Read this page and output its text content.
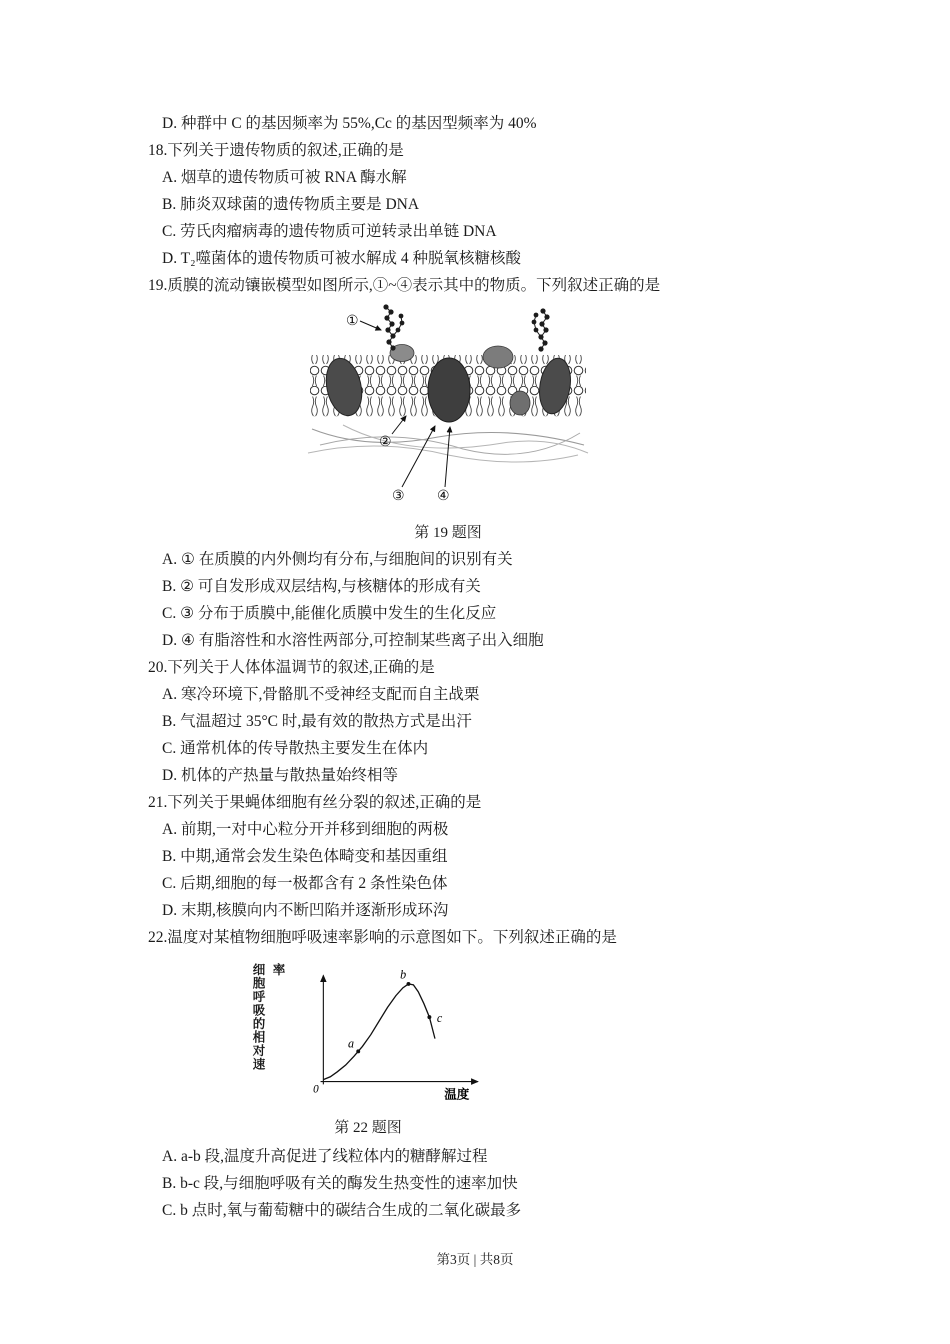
D. 种群中 C 的基因频率为 55%,Cc 的基因型频率为 40%

18.下列关于遗传物质的叙述,正确的是

A. 烟草的遗传物质可被 RNA 酶水解

B. 肺炎双球菌的遗传物质主要是 DNA

C. 劳氏肉瘤病毒的遗传物质可逆转录出单链 DNA

D. T₂噬菌体的遗传物质可被水解成 4 种脱氧核糖核酸

19.质膜的流动镶嵌模型如图所示,①~④表示其中的物质。下列叙述正确的是

①
②
③ ④
第 19 题图

A. ① 在质膜的内外侧均有分布,与细胞间的识别有关

B. ② 可自发形成双层结构,与核糖体的形成有关

C. ③ 分布于质膜中,能催化质膜中发生的生化反应

D. ④ 有脂溶性和水溶性两部分,可控制某些离子出入细胞

20.下列关于人体体温调节的叙述,正确的是

A. 寒冷环境下,骨骼肌不受神经支配而自主战栗

B. 气温超过 35°C 时,最有效的散热方式是出汗

C. 通常机体的传导散热主要发生在体内

D. 机体的产热量与散热量始终相等

21.下列关于果蝇体细胞有丝分裂的叙述,正确的是

A. 前期,一对中心粒分开并移到细胞的两极

B. 中期,通常会发生染色体畸变和基因重组

C. 后期,细胞的每一极都含有 2 条性染色体

D. 末期,核膜向内不断凹陷并逐渐形成环沟

22.温度对某植物细胞呼吸速率影响的示意图如下。下列叙述正确的是

细胞呼吸的相对速率
a
b
c
0	温度
第 22 题图

A. a-b 段,温度升高促进了线粒体内的糖酵解过程

B. b-c 段,与细胞呼吸有关的酶发生热变性的速率加快

C. b 点时,氧与葡萄糖中的碳结合生成的二氧化碳最多

第3页 | 共8页
